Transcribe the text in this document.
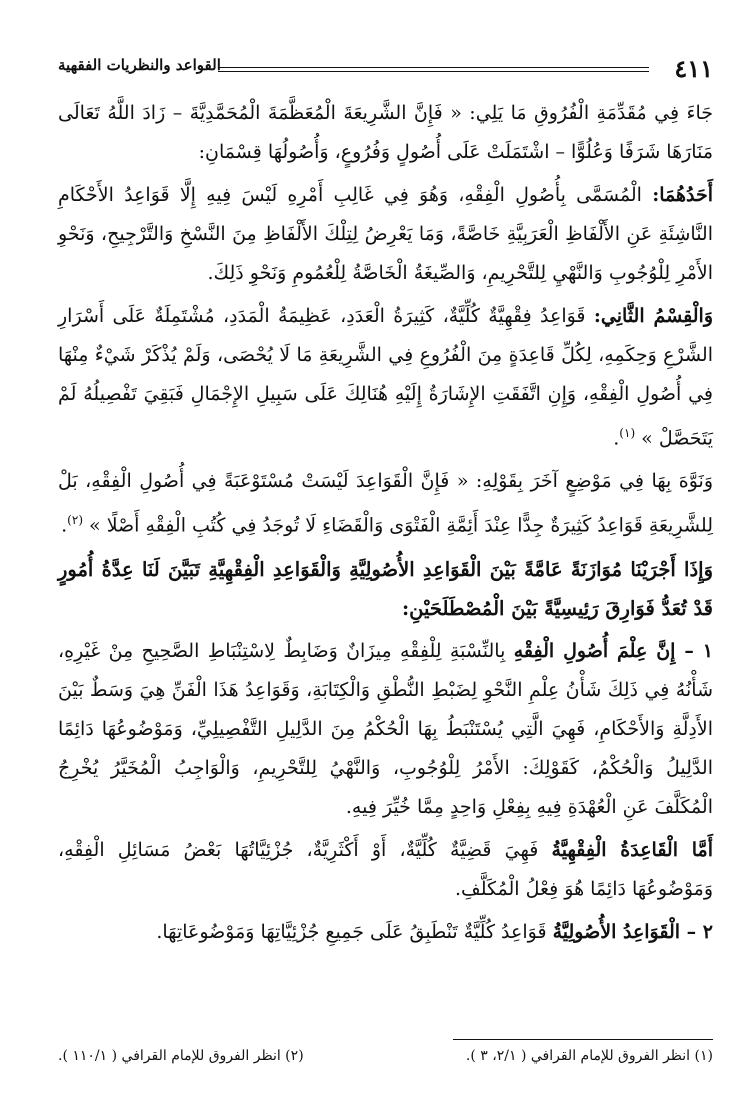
٤١١
القواعد والنظريات الفقهية

جَاءَ فِي مُقَدِّمَةِ الْفُرُوقِ مَا يَلِي: « فَإِنَّ الشَّرِيعَةَ الْمُعَظَّمَةَ الْمُحَمَّدِيَّةَ – زَادَ اللَّهُ تَعَالَى مَنَارَهَا شَرَفًا وَعُلُوًّا – اشْتَمَلَتْ عَلَى أُصُولٍ وَفُرُوعٍ، وَأُصُولُهَا قِسْمَانِ:

أَحَدُهُمَا: الْمُسَمَّى بِأُصُولِ الْفِقْهِ، وَهُوَ فِي غَالِبِ أَمْرِهِ لَيْسَ فِيهِ إِلَّا قَوَاعِدُ الأَحْكَامِ النَّاشِئَةِ عَنِ الأَلْفَاظِ الْعَرَبِيَّةِ خَاصَّةً، وَمَا يَعْرِضُ لِتِلْكَ الأَلْفَاظِ مِنَ النَّسْخِ وَالتَّرْجِيحِ، وَنَحْوِ الأَمْرِ لِلْوُجُوبِ وَالنَّهْيِ لِلتَّحْرِيمِ، وَالصِّيغَةُ الْخَاصَّةُ لِلْعُمُومِ وَنَحْوِ ذَلِكَ.

وَالْقِسْمُ الثَّانِي: قَوَاعِدُ فِقْهِيَّةٌ كُلِّيَّةٌ، كَثِيرَةُ الْعَدَدِ، عَظِيمَةُ الْمَدَدِ، مُشْتَمِلَةٌ عَلَى أَسْرَارِ الشَّرْعِ وَحِكَمِهِ، لِكُلِّ قَاعِدَةٍ مِنَ الْفُرُوعِ فِي الشَّرِيعَةِ مَا لَا يُحْصَى، وَلَمْ يُذْكَرْ شَيْءٌ مِنْهَا فِي أُصُولِ الْفِقْهِ، وَإِنِ اتَّفَقَتِ الإِشَارَةُ إِلَيْهِ هُنَالِكَ عَلَى سَبِيلِ الإِجْمَالِ فَبَقِيَ تَفْصِيلُهُ لَمْ يَتَحَصَّلْ » $^{(١)}$.

وَنَوَّهَ بِهَا فِي مَوْضِعٍ آخَرَ بِقَوْلِهِ: « فَإِنَّ الْقَوَاعِدَ لَيْسَتْ مُسْتَوْعَبَةً فِي أُصُولِ الْفِقْهِ، بَلْ لِلشَّرِيعَةِ قَوَاعِدُ كَثِيرَةٌ جِدًّا عِنْدَ أَئِمَّةِ الْفَتْوَى وَالْقَضَاءِ لَا تُوجَدُ فِي كُتُبِ الْفِقْهِ أَصْلًا » $^{(٢)}$.

وَإِذَا أَجْرَيْنَا مُوَازَنَةً عَامَّةً بَيْنَ الْقَوَاعِدِ الأُصُولِيَّةِ وَالْقَوَاعِدِ الْفِقْهِيَّةِ تَبَيَّنَ لَنَا عِدَّةُ أُمُورٍ قَدْ تُعَدُّ فَوَارِقَ رَئِيسِيَّةً بَيْنَ الْمُصْطَلَحَيْنِ:

١ – إِنَّ عِلْمَ أُصُولِ الْفِقْهِ بِالنِّسْبَةِ لِلْفِقْهِ مِيزَانٌ وَضَابِطٌ لِاسْتِنْبَاطِ الصَّحِيحِ مِنْ غَيْرِهِ، شَأْنُهُ فِي ذَلِكَ شَأْنُ عِلْمِ النَّحْوِ لِضَبْطِ النُّطْقِ وَالْكِتَابَةِ، وَقَوَاعِدُ هَذَا الْفَنِّ هِيَ وَسَطٌ بَيْنَ الأَدِلَّةِ وَالأَحْكَامِ، فَهِيَ الَّتِي يُسْتَنْبَطُ بِهَا الْحُكْمُ مِنَ الدَّلِيلِ التَّفْصِيلِيِّ، وَمَوْضُوعُهَا دَائِمًا الدَّلِيلُ وَالْحُكْمُ، كَقَوْلِكَ: الأَمْرُ لِلْوُجُوبِ، وَالنَّهْيُ لِلتَّحْرِيمِ، وَالْوَاجِبُ الْمُخَيَّرُ يُخْرِجُ الْمُكَلَّفَ عَنِ الْعُهْدَةِ فِيهِ بِفِعْلِ وَاحِدٍ مِمَّا خُيِّرَ فِيهِ.

أَمَّا الْقَاعِدَةُ الْفِقْهِيَّةُ فَهِيَ قَضِيَّةٌ كُلِّيَّةٌ، أَوْ أَكْثَرِيَّةٌ، جُزْئِيَّاتُهَا بَعْضُ مَسَائِلِ الْفِقْهِ، وَمَوْضُوعُهَا دَائِمًا هُوَ فِعْلُ الْمُكَلَّفِ.

٢ – الْقَوَاعِدُ الأُصُولِيَّةُ قَوَاعِدُ كُلِّيَّةٌ تَنْطَبِقُ عَلَى جَمِيعِ جُزْئِيَّاتِهَا وَمَوْضُوعَاتِهَا.

(١) انظر الفروق للإمام القرافي ( ٢/١، ٣ ).
(٢) انظر الفروق للإمام القرافي ( ١١٠/١ ).
